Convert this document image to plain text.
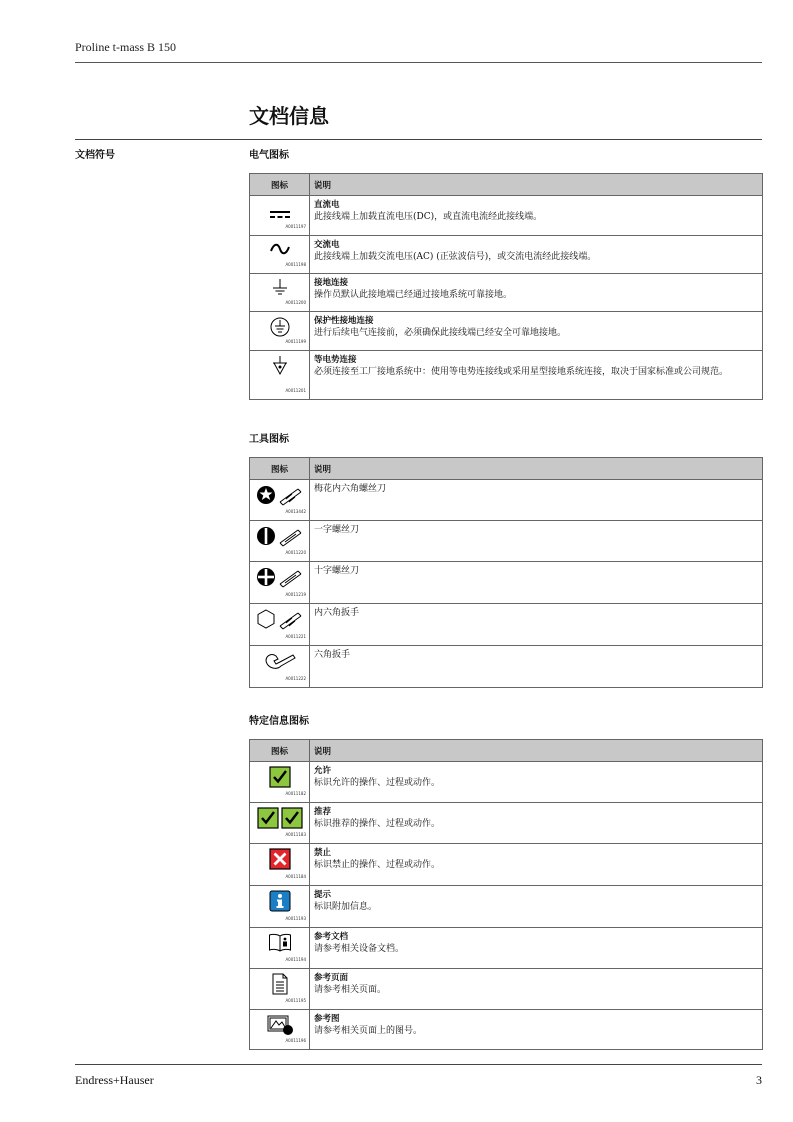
Proline t-mass B 150
文档信息
文档符号	电气图标
图标	说明

A0011197	直流电
此接线端上加载直流电压(DC)，或直流电流经此接线端。

A0011198	交流电
此接线端上加载交流电压(AC) (正弦波信号)，或交流电流经此接线端。

A0011200	接地连接
操作员默认此接地端已经通过接地系统可靠接地。

A0011199	保护性接地连接
进行后续电气连接前，必须确保此接线端已经安全可靠地接地。

A0011201	等电势连接
必须连接至工厂接地系统中：使用等电势连接线或采用星型接地系统连接，取决于国家标准或公司规范。
工具图标
图标	说明

A0013442	梅花内六角螺丝刀

A0011220	一字螺丝刀

A0011219	十字螺丝刀

A0011221	内六角扳手

A0011222	六角扳手
特定信息图标
图标	说明

A0011182	允许
标识允许的操作、过程或动作。

A0011183	推荐
标识推荐的操作、过程或动作。

A0011184	禁止
标识禁止的操作、过程或动作。

A0011193	提示
标识附加信息。

A0011194	参考文档
请参考相关设备文档。

A0011195	参考页面
请参考相关页面。

A0011196	参考图
请参考相关页面上的图号。
Endress+Hauser	3
